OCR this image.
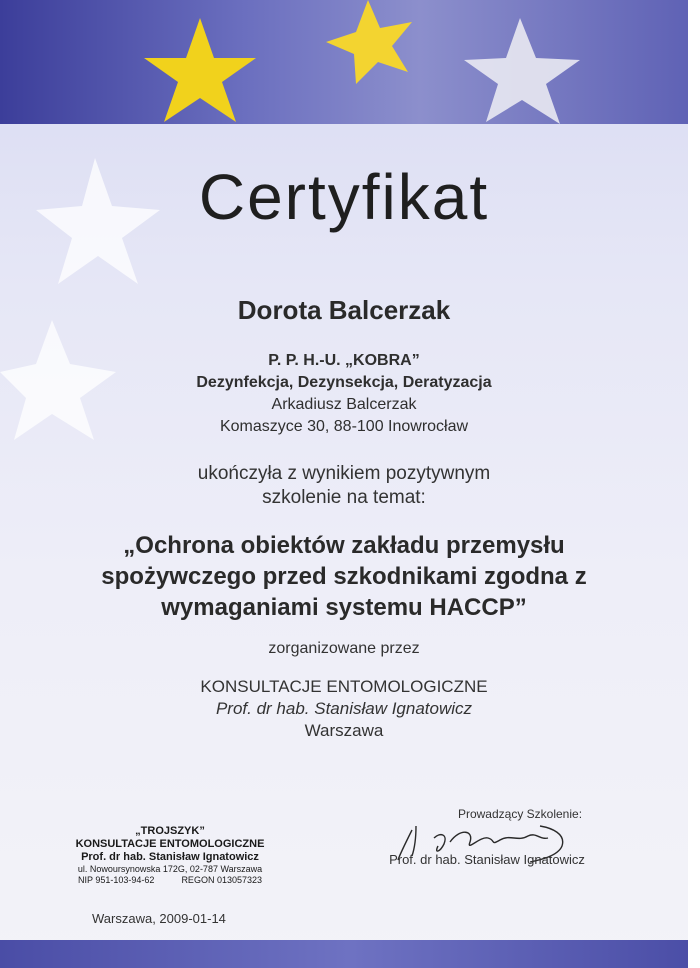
Certyfikat
Dorota Balcerzak
P. P. H.-U. „KOBRA”
Dezynfekcja, Dezynsekcja, Deratyzacja
Arkadiusz Balcerzak
Komaszyce 30, 88-100 Inowrocław
ukończyła z wynikiem pozytywnym
szkolenie na temat:
„Ochrona obiektów zakładu przemysłu
spożywczego przed szkodnikami zgodna z
wymaganiami systemu HACCP”
zorganizowane przez
KONSULTACJE ENTOMOLOGICZNE
Prof. dr hab. Stanisław Ignatowicz
Warszawa
„TROJSZYK”
KONSULTACJE ENTOMOLOGICZNE
Prof. dr hab. Stanisław Ignatowicz
ul. Nowoursynowska 172G, 02-787 Warszawa
NIP 951-103-94-62	REGON 013057323
Prowadzący Szkolenie:
Prof. dr hab. Stanisław Ignatowicz
Warszawa, 2009-01-14
